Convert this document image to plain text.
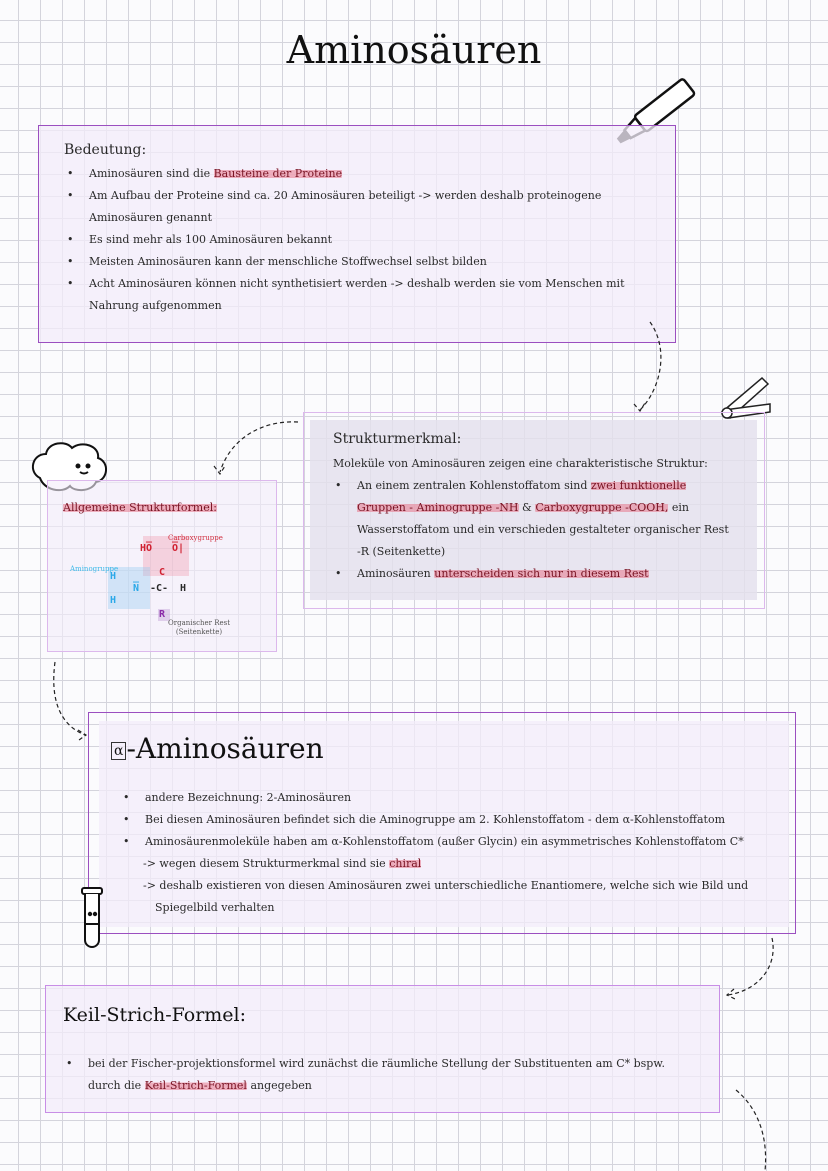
Aminosäuren
Bedeutung:
• Aminosäuren sind die Bausteine der Proteine
• Am Aufbau der Proteine sind ca. 20 Aminosäuren beteiligt -> werden deshalb proteinogene Aminosäuren genannt
• Es sind mehr als 100 Aminosäuren bekannt
• Meisten Aminosäuren kann der menschliche Stoffwechsel selbst bilden
• Acht Aminosäuren können nicht synthetisiert werden -> deshalb werden sie vom Menschen mit Nahrung aufgenommen
Strukturmerkmal:
Moleküle von Aminosäuren zeigen eine charakteristische Struktur:
• An einem zentralen Kohlenstoffatom sind zwei funktionelle Gruppen - Aminogruppe -NH & Carboxygruppe -COOH, ein Wasserstoffatom und ein verschieden gestalteter organischer Rest -R (Seitenkette)
• Aminosäuren unterscheiden sich nur in diesem Rest
Allgemeine Strukturformel:
Carboxygruppe
Aminogruppe
Organischer Rest
(Seitenkette)
HO̅ O̅|
C
H
N̅
H
-C- H
R
α -Aminosäuren
• andere Bezeichnung: 2-Aminosäuren
• Bei diesen Aminosäuren befindet sich die Aminogruppe am 2. Kohlenstoffatom - dem α-Kohlenstoffatom
• Aminosäurenmoleküle haben am α-Kohlenstoffatom (außer Glycin) ein asymmetrisches Kohlenstoffatom C*
-> wegen diesem Strukturmerkmal sind sie chiral
-> deshalb existieren von diesen Aminosäuren zwei unterschiedliche Enantiomere, welche sich wie Bild und Spiegelbild verhalten
Keil-Strich-Formel:
• bei der Fischer-projektionsformel wird zunächst die räumliche Stellung der Substituenten am C* bspw. durch die Keil-Strich-Formel angegeben
